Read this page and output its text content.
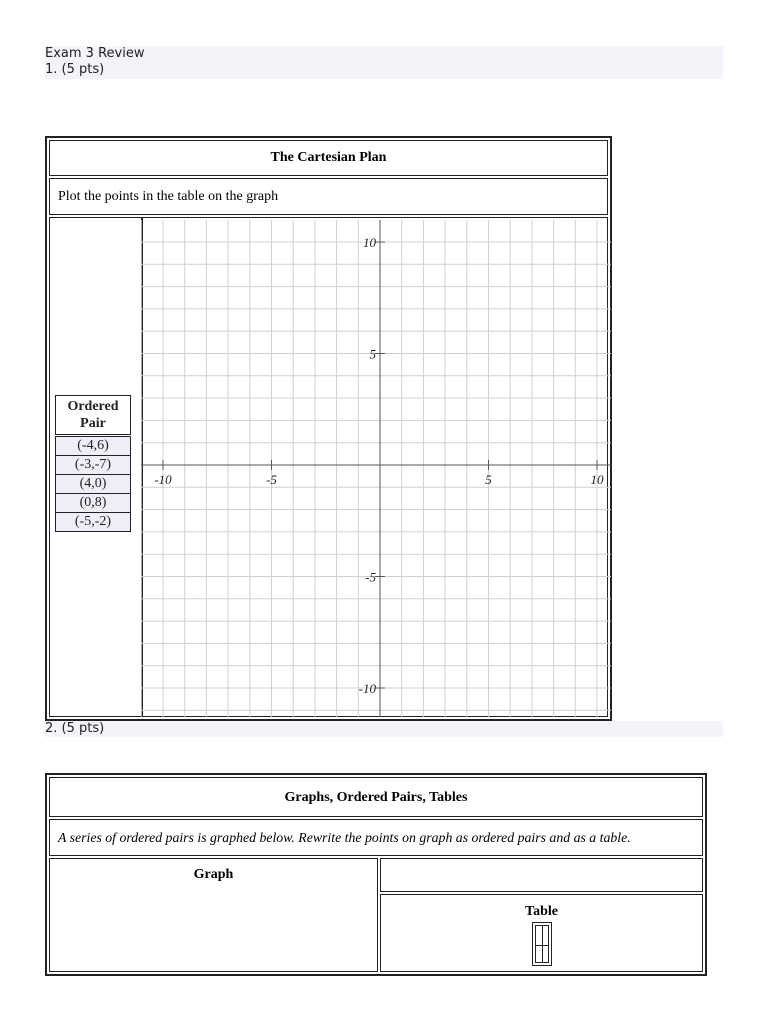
Exam 3 Review
1. (5 pts)
The Cartesian Plan
Plot the points in the table on the graph
Ordered
Pair
(-4,6)
(-3,-7)
(4,0)
(0,8)
(-5,-2)
-10	-5	5	10
10
5
-5
-10
2. (5 pts)
Graphs, Ordered Pairs, Tables
A series of ordered pairs is graphed below. Rewrite the points on graph as ordered pairs and as a table.
Graph
Table
